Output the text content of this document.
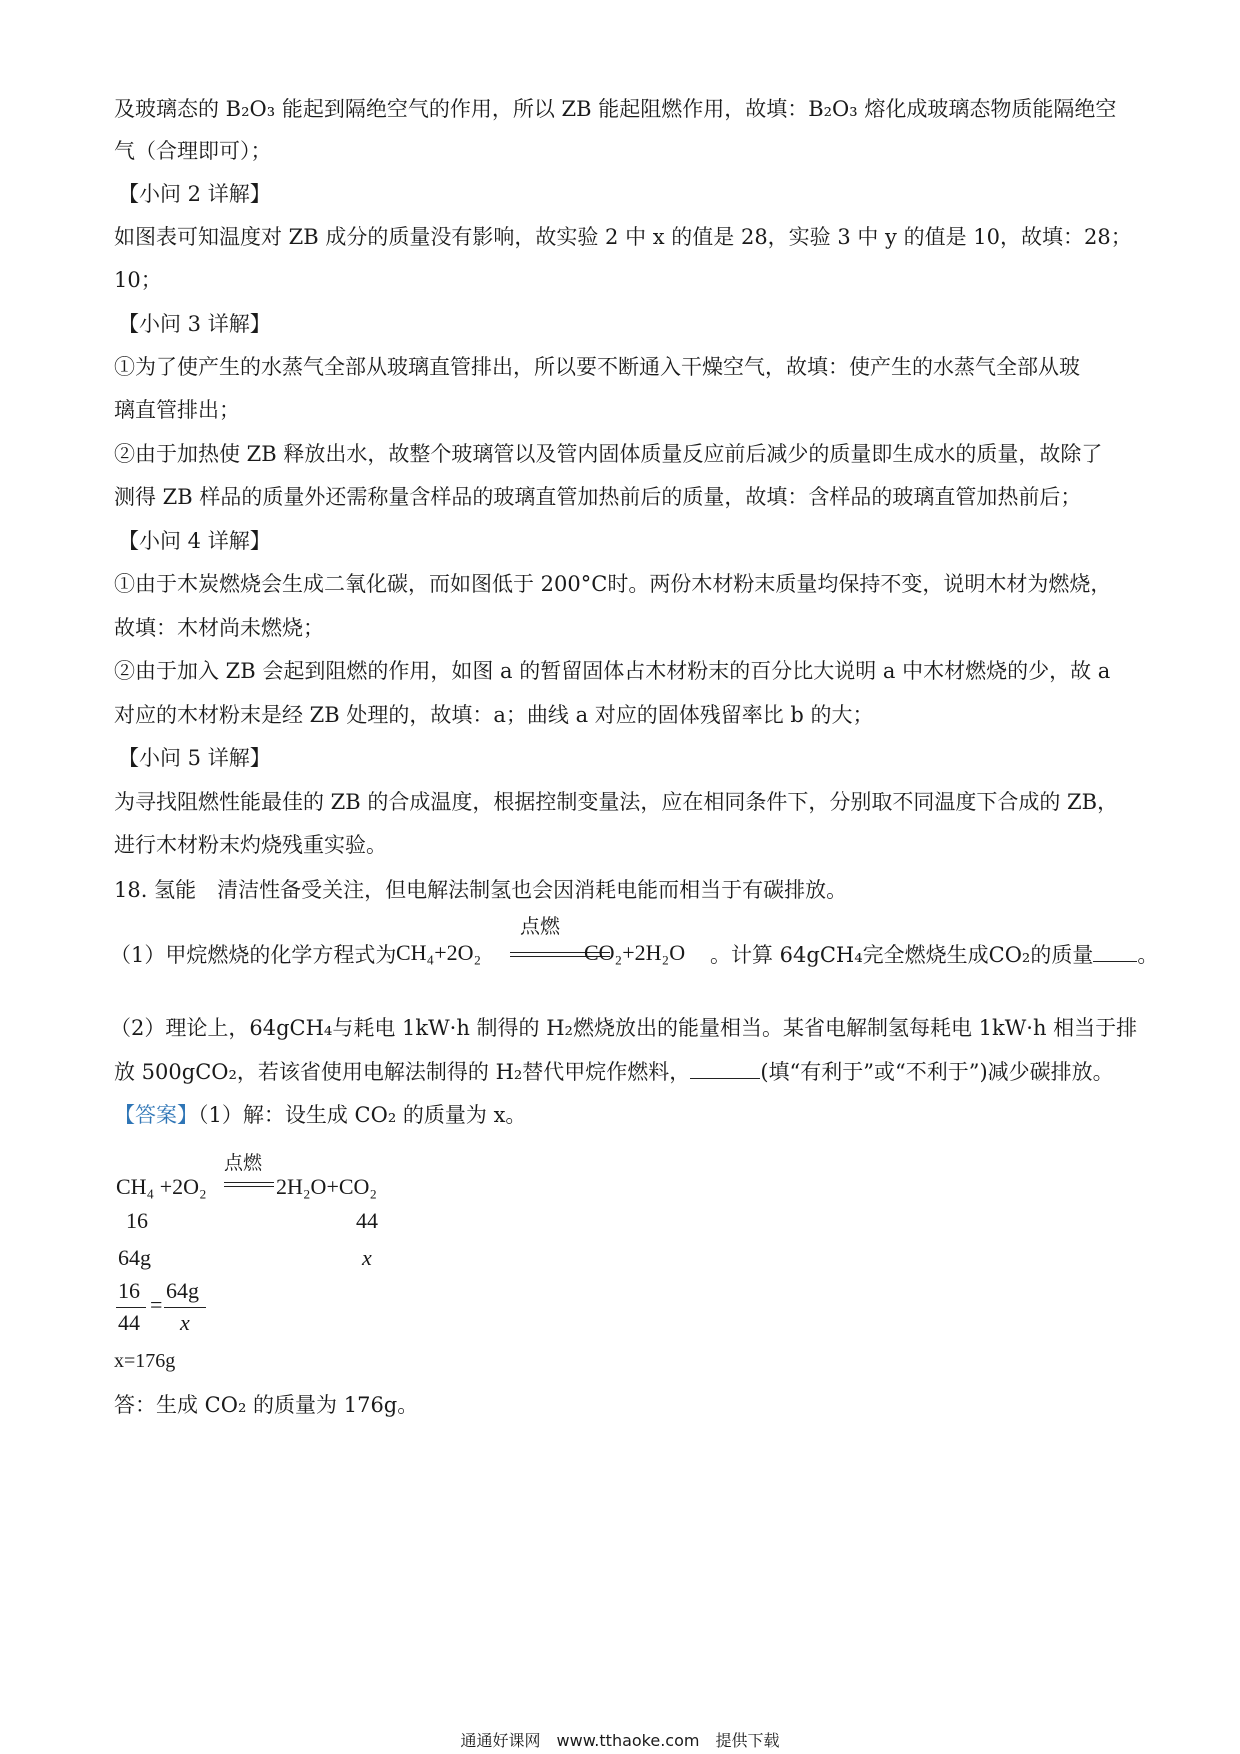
及玻璃态的 B₂O₃ 能起到隔绝空气的作用，所以 ZB 能起阻燃作用，故填：B₂O₃ 熔化成玻璃态物质能隔绝空
气（合理即可）；
【小问 2 详解】
如图表可知温度对 ZB 成分的质量没有影响，故实验 2 中 x 的值是 28，实验 3 中 y 的值是 10，故填：28；
10；
【小问 3 详解】
①为了使产生的水蒸气全部从玻璃直管排出，所以要不断通入干燥空气，故填：使产生的水蒸气全部从玻
璃直管排出；
②由于加热使 ZB 释放出水，故整个玻璃管以及管内固体质量反应前后减少的质量即生成水的质量，故除了
测得 ZB 样品的质量外还需称量含样品的玻璃直管加热前后的质量，故填：含样品的玻璃直管加热前后；
【小问 4 详解】
①由于木炭燃烧会生成二氧化碳，而如图低于 200°C时。两份木材粉末质量均保持不变，说明木材为燃烧，
故填：木材尚未燃烧；
②由于加入 ZB 会起到阻燃的作用，如图 a 的暂留固体占木材粉末的百分比大说明 a 中木材燃烧的少，故 a
对应的木材粉末是经 ZB 处理的，故填：a；曲线 a 对应的固体残留率比 b 的大；
【小问 5 详解】
为寻找阻燃性能最佳的 ZB 的合成温度，根据控制变量法，应在相同条件下，分别取不同温度下合成的 ZB，
进行木材粉末灼烧残重实验。
18. 氢能　清洁性备受关注，但电解法制氢也会因消耗电能而相当于有碳排放。
（1）甲烷燃烧的化学方程式为 CH₄+2O₂
点燃
CO₂+2H₂O 。计算 64gCH₄完全燃烧生成CO₂的质量 。
（2）理论上，64gCH₄与耗电 1kW·h 制得的 H₂燃烧放出的能量相当。某省电解制氢每耗电 1kW·h 相当于排
放 500gCO₂，若该省使用电解法制得的 H₂替代甲烷作燃料，	(填“有利于”或“不利于”)减少碳排放。
【答案】（1）解：设生成 CO₂ 的质量为 x。
CH₄ +2O₂
点燃
2H₂O+CO₂
16	44
64g	x
16
44
=
64g
x
x=176g
答：生成 CO₂ 的质量为 176g。
通通好课网　www.tthaoke.com　提供下载
